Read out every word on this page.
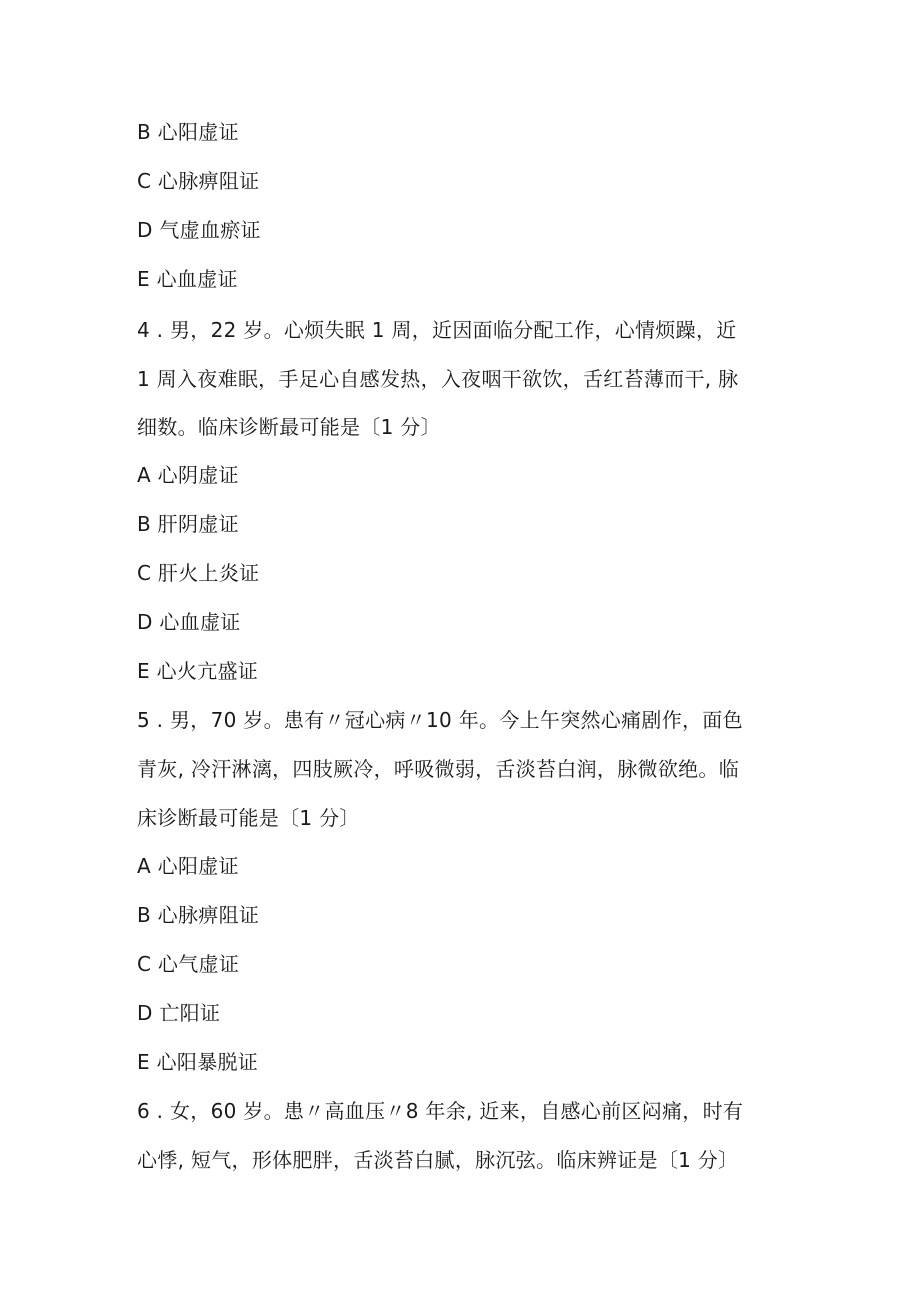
B 心阳虚证
C 心脉痹阻证
D 气虚血瘀证
E 心血虚证
4 . 男，22 岁。心烦失眠 1 周，近因面临分配工作，心情烦躁，近
1 周入夜难眠，手足心自感发热，入夜咽干欲饮，舌红苔薄而干, 脉
细数。临床诊断最可能是〔1 分〕
A 心阴虚证
B 肝阴虚证
C 肝火上炎证
D 心血虚证
E 心火亢盛证
5 . 男，70 岁。患有〃冠心病〃10 年。今上午突然心痛剧作，面色
青灰, 冷汗淋漓，四肢厥冷，呼吸微弱，舌淡苔白润，脉微欲绝。临
床诊断最可能是〔1 分〕
A 心阳虚证
B 心脉痹阻证
C 心气虚证
D 亡阳证
E 心阳暴脱证
6 . 女，60 岁。患〃高血压〃8 年余, 近来，自感心前区闷痛，时有
心悸, 短气，形体肥胖，舌淡苔白腻，脉沉弦。临床辨证是〔1 分〕
